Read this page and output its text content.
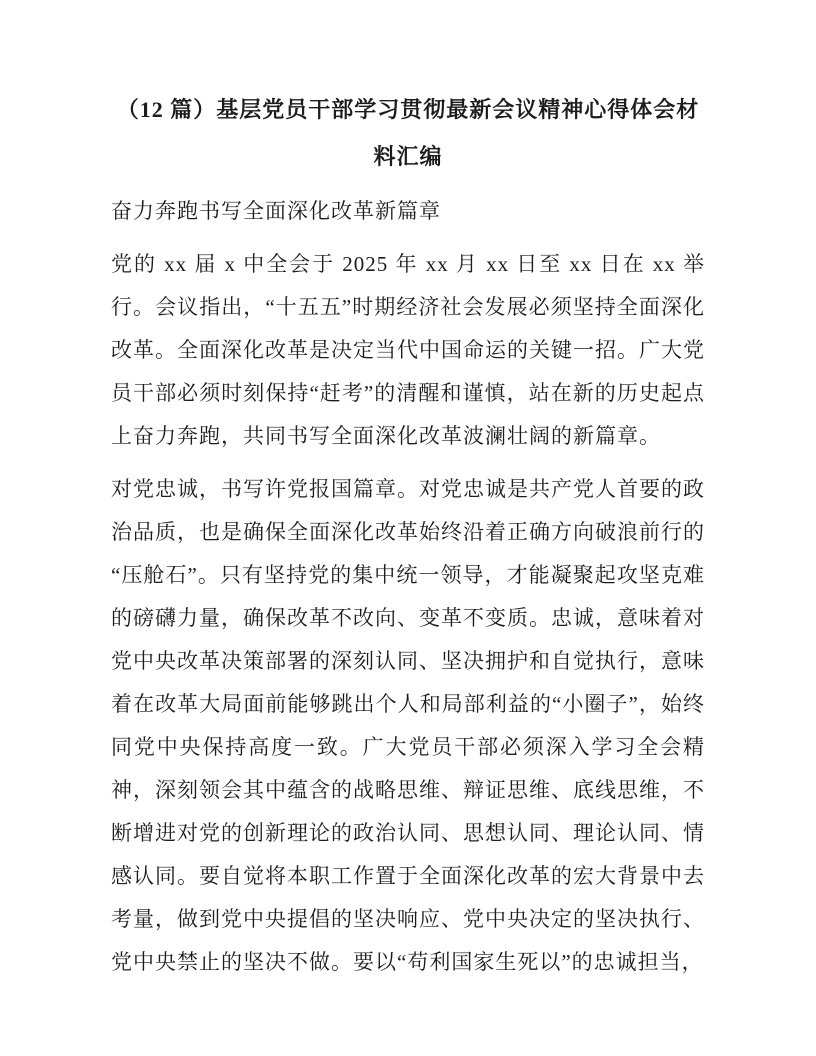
（12 篇）基层党员干部学习贯彻最新会议精神心得体会材料汇编

奋力奔跑书写全面深化改革新篇章

党的 xx 届 x 中全会于 2025 年 xx 月 xx 日至 xx 日在 xx 举行。会议指出，“十五五”时期经济社会发展必须坚持全面深化改革。全面深化改革是决定当代中国命运的关键一招。广大党员干部必须时刻保持“赶考”的清醒和谨慎，站在新的历史起点上奋力奔跑，共同书写全面深化改革波澜壮阔的新篇章。

对党忠诚，书写许党报国篇章。对党忠诚是共产党人首要的政治品质，也是确保全面深化改革始终沿着正确方向破浪前行的“压舱石”。只有坚持党的集中统一领导，才能凝聚起攻坚克难的磅礴力量，确保改革不改向、变革不变质。忠诚，意味着对党中央改革决策部署的深刻认同、坚决拥护和自觉执行，意味着在改革大局面前能够跳出个人和局部利益的“小圈子”，始终同党中央保持高度一致。广大党员干部必须深入学习全会精神，深刻领会其中蕴含的战略思维、辩证思维、底线思维，不断增进对党的创新理论的政治认同、思想认同、理论认同、情感认同。要自觉将本职工作置于全面深化改革的宏大背景中去考量，做到党中央提倡的坚决响应、党中央决定的坚决执行、党中央禁止的坚决不做。要以“苟利国家生死以”的忠诚担当，
